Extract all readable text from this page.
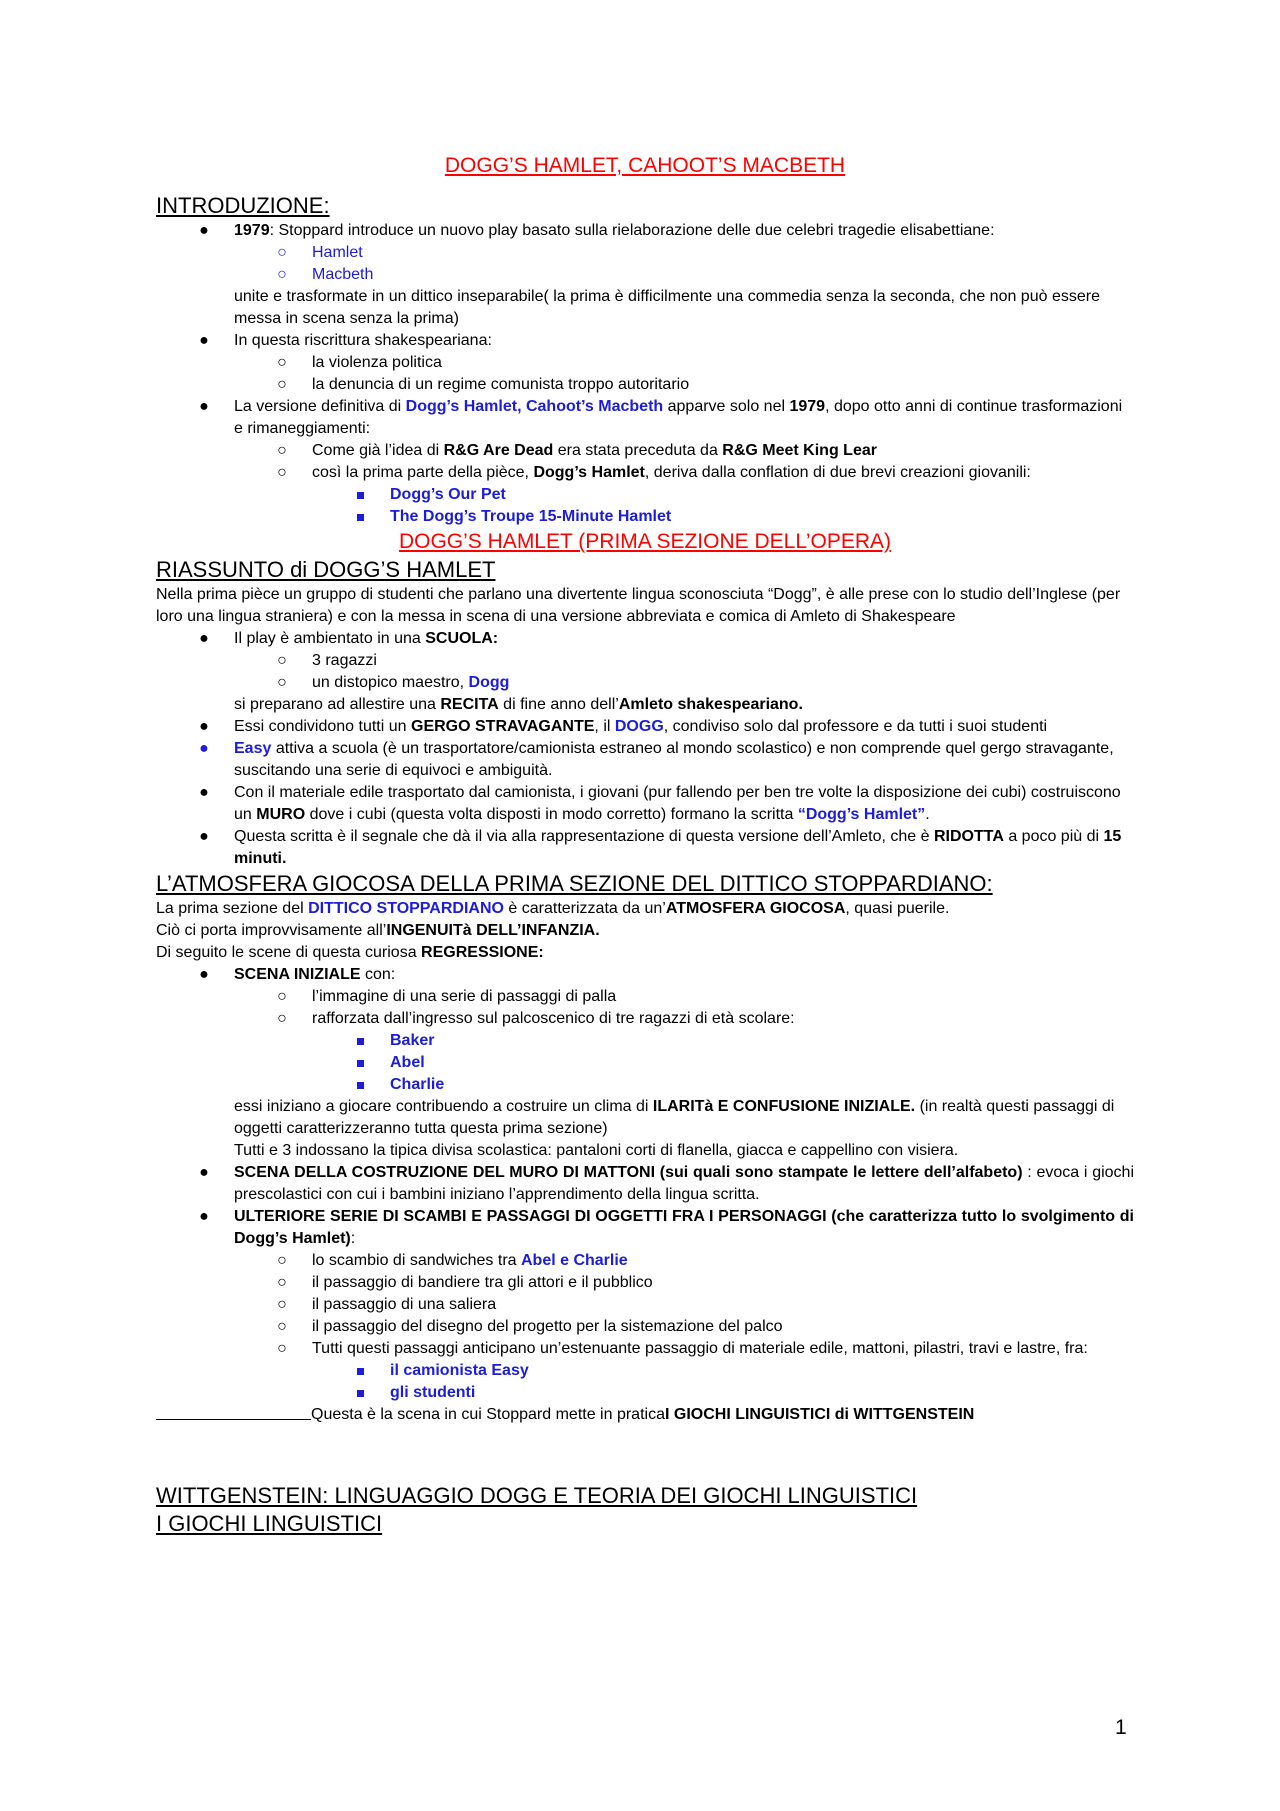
DOGG’S HAMLET, CAHOOT’S MACBETH

INTRODUZIONE:

●	1979: Stoppard introduce un nuovo play basato sulla rielaborazione delle due celebri tragedie elisabettiane:

○	Hamlet

○	Macbeth

unite e trasformate in un dittico inseparabile( la prima è difficilmente una commedia senza la seconda, che non può essere messa in scena senza la prima)

●	In questa riscrittura shakespeariana:

○	la violenza politica

○	la denuncia di un regime comunista troppo autoritario

●	La versione definitiva di Dogg’s Hamlet, Cahoot’s Macbeth apparve solo nel 1979, dopo otto anni di continue trasformazioni e rimaneggiamenti:

○	Come già l’idea di R&G Are Dead era stata preceduta da R&G Meet King Lear

○	così la prima parte della pièce, Dogg’s Hamlet, deriva dalla conflation di due brevi creazioni giovanili:

Dogg’s Our Pet

The Dogg’s Troupe 15-Minute Hamlet

DOGG’S HAMLET (PRIMA SEZIONE DELL’OPERA)

RIASSUNTO di DOGG’S HAMLET

Nella prima pièce un gruppo di studenti che parlano una divertente lingua sconosciuta “Dogg”, è alle prese con lo studio dell’Inglese (per loro una lingua straniera) e con la messa in scena di una versione abbreviata e comica di Amleto di Shakespeare

●	Il play è ambientato in una SCUOLA:

○	3 ragazzi

○	un distopico maestro, Dogg

si preparano ad allestire una RECITA di fine anno dell’Amleto shakespeariano.

●	Essi condividono tutti un GERGO STRAVAGANTE, il DOGG, condiviso solo dal professore e da tutti i suoi studenti

●	Easy attiva a scuola (è un trasportatore/camionista estraneo al mondo scolastico) e non comprende quel gergo stravagante, suscitando una serie di equivoci e ambiguità.

●	Con il materiale edile trasportato dal camionista, i giovani (pur fallendo per ben tre volte la disposizione dei cubi) costruiscono un MURO dove i cubi (questa volta disposti in modo corretto) formano la scritta “Dogg’s Hamlet”.

●	Questa scritta è il segnale che dà il via alla rappresentazione di questa versione dell’Amleto, che è RIDOTTA a poco più di 15 minuti.

L’ATMOSFERA GIOCOSA DELLA PRIMA SEZIONE DEL DITTICO STOPPARDIANO:

La prima sezione del DITTICO STOPPARDIANO è caratterizzata da un’ATMOSFERA GIOCOSA, quasi puerile.

Ciò ci porta improvvisamente all’INGENUITà DELL’INFANZIA.

Di seguito le scene di questa curiosa REGRESSIONE:

●	SCENA INIZIALE con:

○	l’immagine di una serie di passaggi di palla

○	rafforzata dall’ingresso sul palcoscenico di tre ragazzi di età scolare:

Baker

Abel

Charlie

essi iniziano a giocare contribuendo a costruire un clima di ILARITà E CONFUSIONE INIZIALE. (in realtà questi passaggi di oggetti caratterizzeranno tutta questa prima sezione)

Tutti e 3 indossano la tipica divisa scolastica: pantaloni corti di flanella, giacca e cappellino con visiera.

●	SCENA DELLA COSTRUZIONE DEL MURO DI MATTONI (sui quali sono stampate le lettere dell’alfabeto) : evoca i giochi prescolastici con cui i bambini iniziano l’apprendimento della lingua scritta.

●	ULTERIORE SERIE DI SCAMBI E PASSAGGI DI OGGETTI FRA I PERSONAGGI (che caratterizza tutto lo svolgimento di Dogg’s Hamlet):

○	lo scambio di sandwiches tra Abel e Charlie

○	il passaggio di bandiere tra gli attori e il pubblico

○	il passaggio di una saliera

○	il passaggio del disegno del progetto per la sistemazione del palco

○	Tutti questi passaggi anticipano un’estenuante passaggio di materiale edile, mattoni, pilastri, travi e lastre, fra:

il camionista Easy

gli studenti

Questa è la scena in cui Stoppard mette in pratica I GIOCHI LINGUISTICI di WITTGENSTEIN

WITTGENSTEIN: LINGUAGGIO DOGG E TEORIA DEI GIOCHI LINGUISTICI

I GIOCHI LINGUISTICI

1
